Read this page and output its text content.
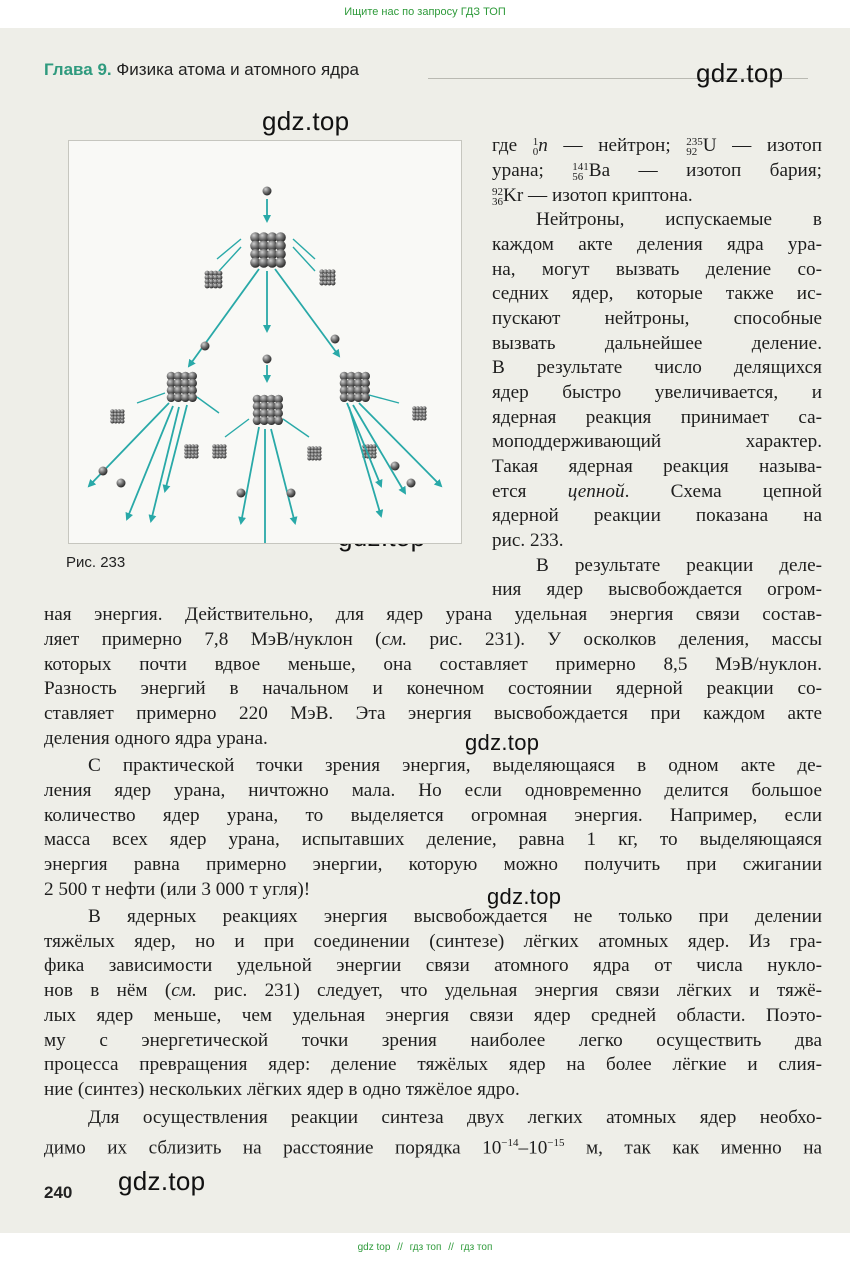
Ищите нас по запросу ГДЗ ТОП
Глава 9. Физика атома и атомного ядра	gdz.top
gdz.top
gdz.top
gdz.top
gdz.top
Рис. 233
где 1
0 n — нейтрон; 235
92 U — изотоп
урана; 141
56 Ba — изотоп бария;
92
36 Kr — изотоп криптона.
Нейтроны, испускаемые в
каждом акте деления ядра ура-
на, могут вызвать деление со-
седних ядер, которые также ис-
пускают нейтроны, способные
вызвать дальнейшее деление.
В результате число делящихся
ядер быстро увеличивается, и
ядерная реакция принимает са-
моподдерживающий характер.
Такая ядерная реакция называ-
ется цепной. Схема цепной
ядерной реакции показана на
рис. 233.
В результате реакции деле-
ния ядер высвобождается огром-
ная энергия. Действительно, для ядер урана удельная энергия связи состав-
ляет примерно 7,8 МэВ/нуклон (см. рис. 231). У осколков деления, массы
которых почти вдвое меньше, она составляет примерно 8,5 МэВ/нуклон.
Разность энергий в начальном и конечном состоянии ядерной реакции со-
ставляет примерно 220 МэВ. Эта энергия высвобождается при каждом акте
деления одного ядра урана.
С практической точки зрения энергия, выделяющаяся в одном акте де-
ления ядер урана, ничтожно мала. Но если одновременно делится большое
количество ядер урана, то выделяется огромная энергия. Например, если
масса всех ядер урана, испытавших деление, равна 1 кг, то выделяющаяся
энергия равна примерно энергии, которую можно получить при сжигании
2 500 т нефти (или 3 000 т угля)!
В ядерных реакциях энергия высвобождается не только при делении
тяжёлых ядер, но и при соединении (синтезе) лёгких атомных ядер. Из гра-
фика зависимости удельной энергии связи атомного ядра от числа нукло-
нов в нём (см. рис. 231) следует, что удельная энергия связи лёгких и тяжё-
лых ядер меньше, чем удельная энергия связи ядер средней области. Поэто-
му с энергетической точки зрения наиболее легко осуществить два
процесса превращения ядер: деление тяжёлых ядер на более лёгкие и слия-
ние (синтез) нескольких лёгких ядер в одно тяжёлое ядро.
Для осуществления реакции синтеза двух легких атомных ядер необхо-
димо их сблизить на расстояние порядка $10^{-14}-10^{-15}$ м, так как именно на
240
gdz top // гдз топ // гдз топ
